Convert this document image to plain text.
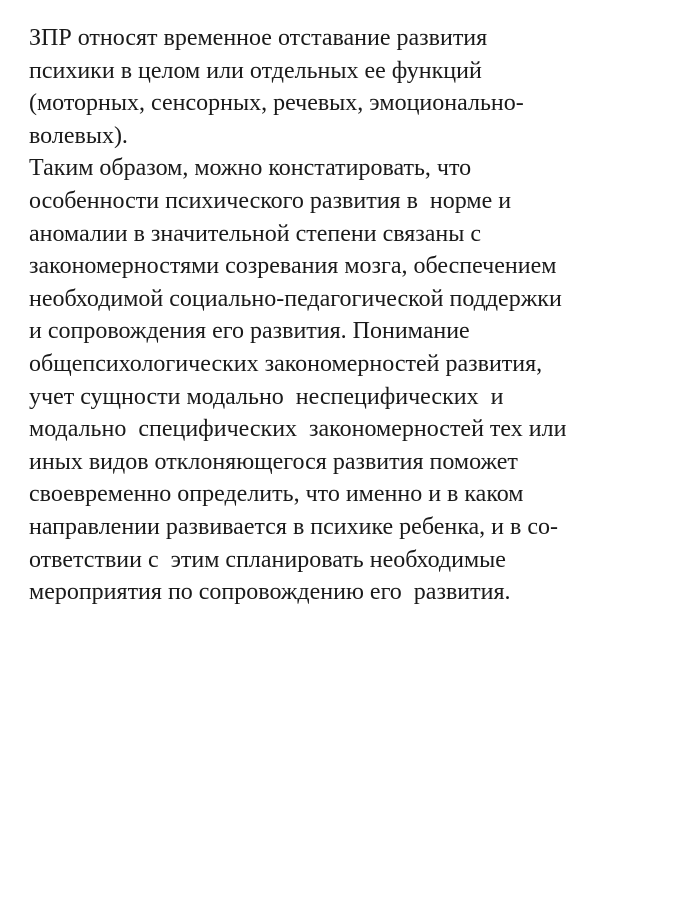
ЗПР относят временное отставание развития
психики в целом или отдельных ее функций
(моторных, сенсорных, речевых, эмоционально-
волевых).
Таким образом, можно констатировать, что
особенности психического развития в  норме и
аномалии в значительной степени связаны с
закономерностями созревания мозга, обеспечением
необходимой социально-педагогической поддержки
и сопровождения его развития. Понимание
общепсихологических закономерностей развития,
учет сущности модально  неспецифических  и
модально  специфических  закономерностей тех или
иных видов отклоняющегося развития поможет
своевременно определить, что именно и в каком
направлении развивается в психике ребенка, и в со-
ответствии с  этим спланировать необходимые
мероприятия по сопровождению его  развития.
